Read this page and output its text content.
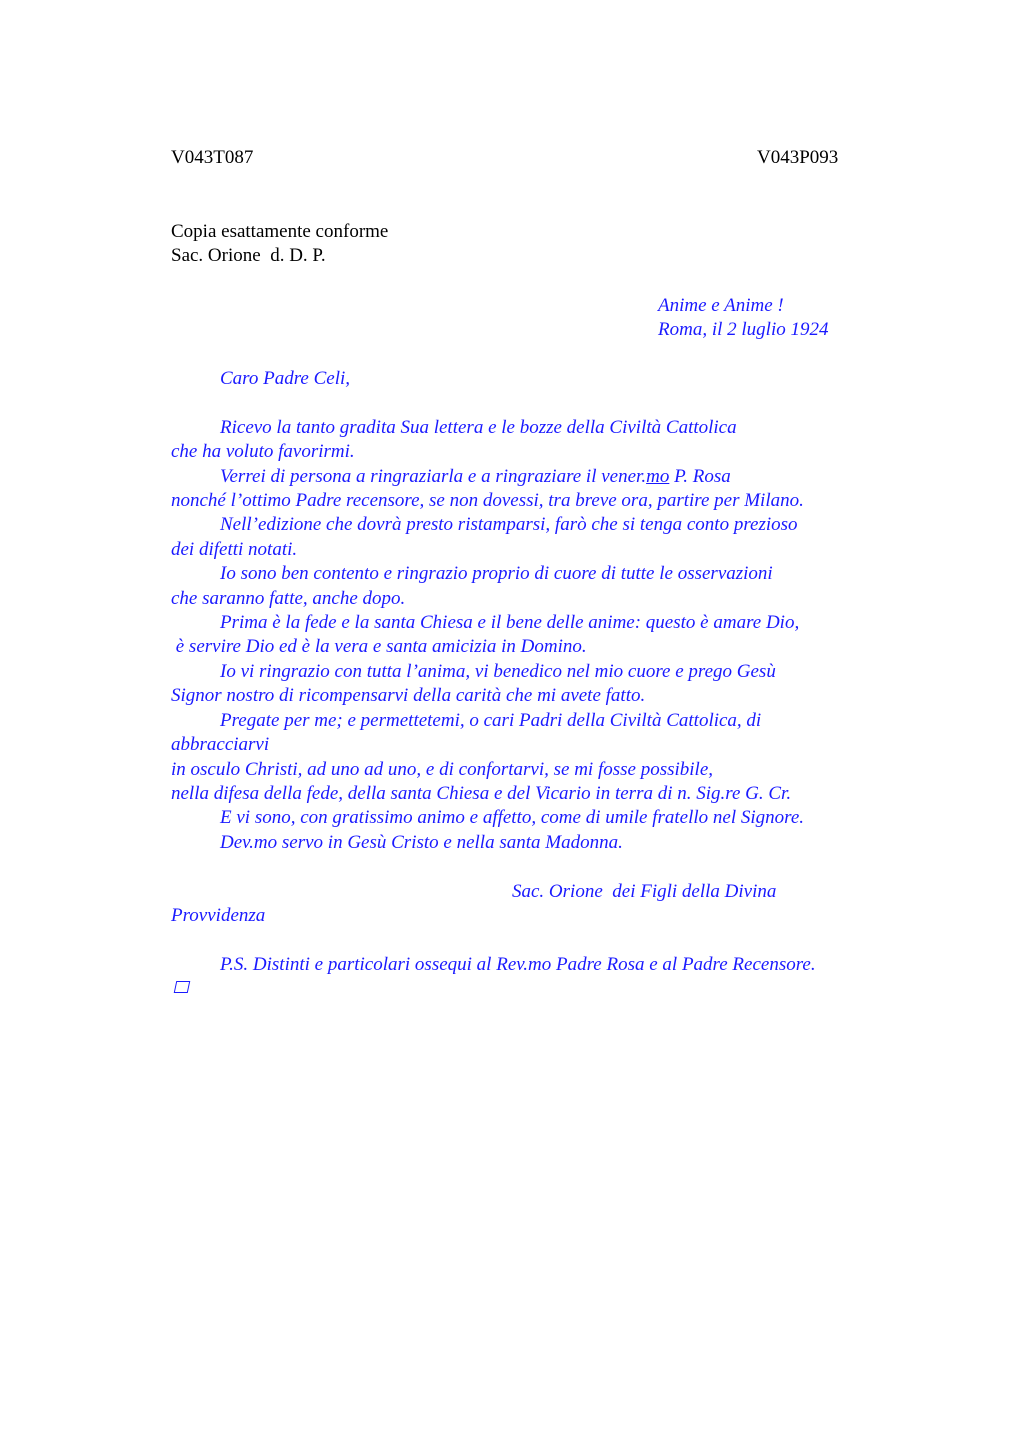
V043T087	V043P093

Copia esattamente conforme

Sac. Orione  d. D. P.

Anime e Anime !

Roma, il 2 luglio 1924

Caro Padre Celi,

Ricevo la tanto gradita Sua lettera e le bozze della Civiltà Cattolica

che ha voluto favorirmi.

Verrei di persona a ringraziarla e a ringraziare il vener.mo P. Rosa

nonché l’ottimo Padre recensore, se non dovessi, tra breve ora, partire per Milano.

Nell’edizione che dovrà presto ristamparsi, farò che si tenga conto prezioso

dei difetti notati.

Io sono ben contento e ringrazio proprio di cuore di tutte le osservazioni

che saranno fatte, anche dopo.

Prima è la fede e la santa Chiesa e il bene delle anime: questo è amare Dio,

è servire Dio ed è la vera e santa amicizia in Domino.

Io vi ringrazio con tutta l’anima, vi benedico nel mio cuore e prego Gesù

Signor nostro di ricompensarvi della carità che mi avete fatto.

Pregate per me; e permettetemi, o cari Padri della Civiltà Cattolica, di

abbracciarvi

in osculo Christi, ad uno ad uno, e di confortarvi, se mi fosse possibile,

nella difesa della fede, della santa Chiesa e del Vicario in terra di n. Sig.re G. Cr.

E vi sono, con gratissimo animo e affetto, come di umile fratello nel Signore.

Dev.mo servo in Gesù Cristo e nella santa Madonna.

Sac. Orione  dei Figli della Divina

Provvidenza

P.S. Distinti e particolari ossequi al Rev.mo Padre Rosa e al Padre Recensore.
